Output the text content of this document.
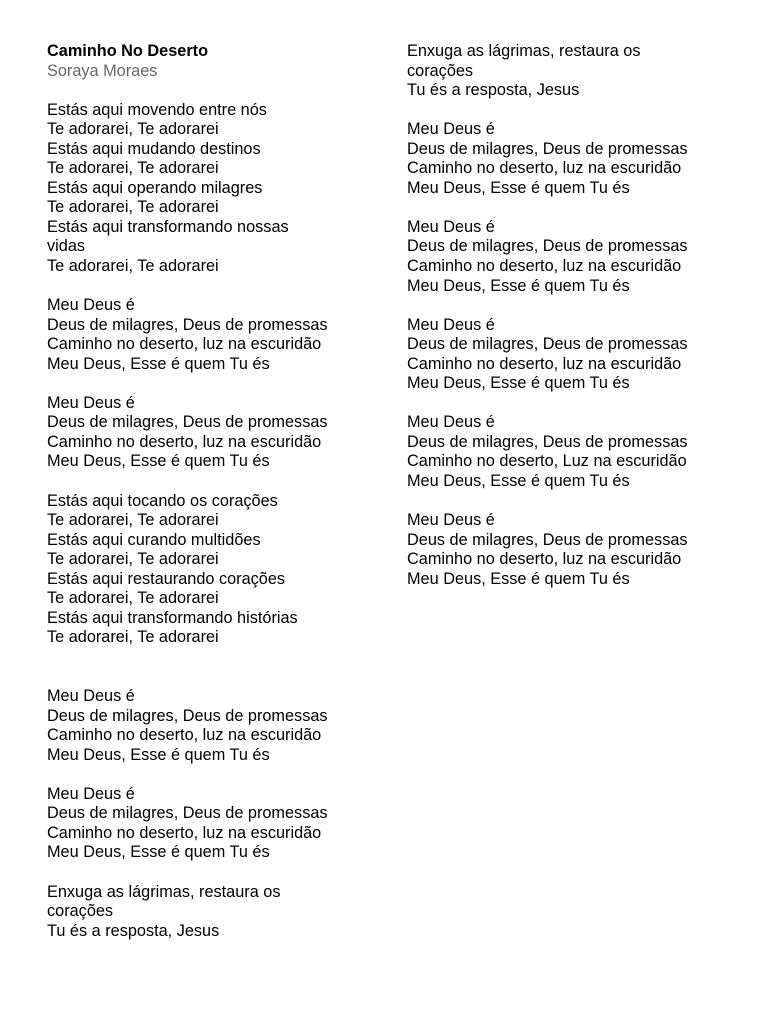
Caminho No Deserto
Soraya Moraes
Estás aqui movendo entre nós
Te adorarei, Te adorarei
Estás aqui mudando destinos
Te adorarei, Te adorarei
Estás aqui operando milagres
Te adorarei, Te adorarei
Estás aqui transformando nossas
vidas
Te adorarei, Te adorarei
Meu Deus é
Deus de milagres, Deus de promessas
Caminho no deserto, luz na escuridão
Meu Deus, Esse é quem Tu és
Meu Deus é
Deus de milagres, Deus de promessas
Caminho no deserto, luz na escuridão
Meu Deus, Esse é quem Tu és
Estás aqui tocando os corações
Te adorarei, Te adorarei
Estás aqui curando multidões
Te adorarei, Te adorarei
Estás aqui restaurando corações
Te adorarei, Te adorarei
Estás aqui transformando histórias
Te adorarei, Te adorarei
Meu Deus é
Deus de milagres, Deus de promessas
Caminho no deserto, luz na escuridão
Meu Deus, Esse é quem Tu és
Meu Deus é
Deus de milagres, Deus de promessas
Caminho no deserto, luz na escuridão
Meu Deus, Esse é quem Tu és
Enxuga as lágrimas, restaura os
corações
Tu és a resposta, Jesus
Enxuga as lágrimas, restaura os
corações
Tu és a resposta, Jesus
Meu Deus é
Deus de milagres, Deus de promessas
Caminho no deserto, luz na escuridão
Meu Deus, Esse é quem Tu és
Meu Deus é
Deus de milagres, Deus de promessas
Caminho no deserto, luz na escuridão
Meu Deus, Esse é quem Tu és
Meu Deus é
Deus de milagres, Deus de promessas
Caminho no deserto, luz na escuridão
Meu Deus, Esse é quem Tu és
Meu Deus é
Deus de milagres, Deus de promessas
Caminho no deserto, Luz na escuridão
Meu Deus, Esse é quem Tu és
Meu Deus é
Deus de milagres, Deus de promessas
Caminho no deserto, luz na escuridão
Meu Deus, Esse é quem Tu és
